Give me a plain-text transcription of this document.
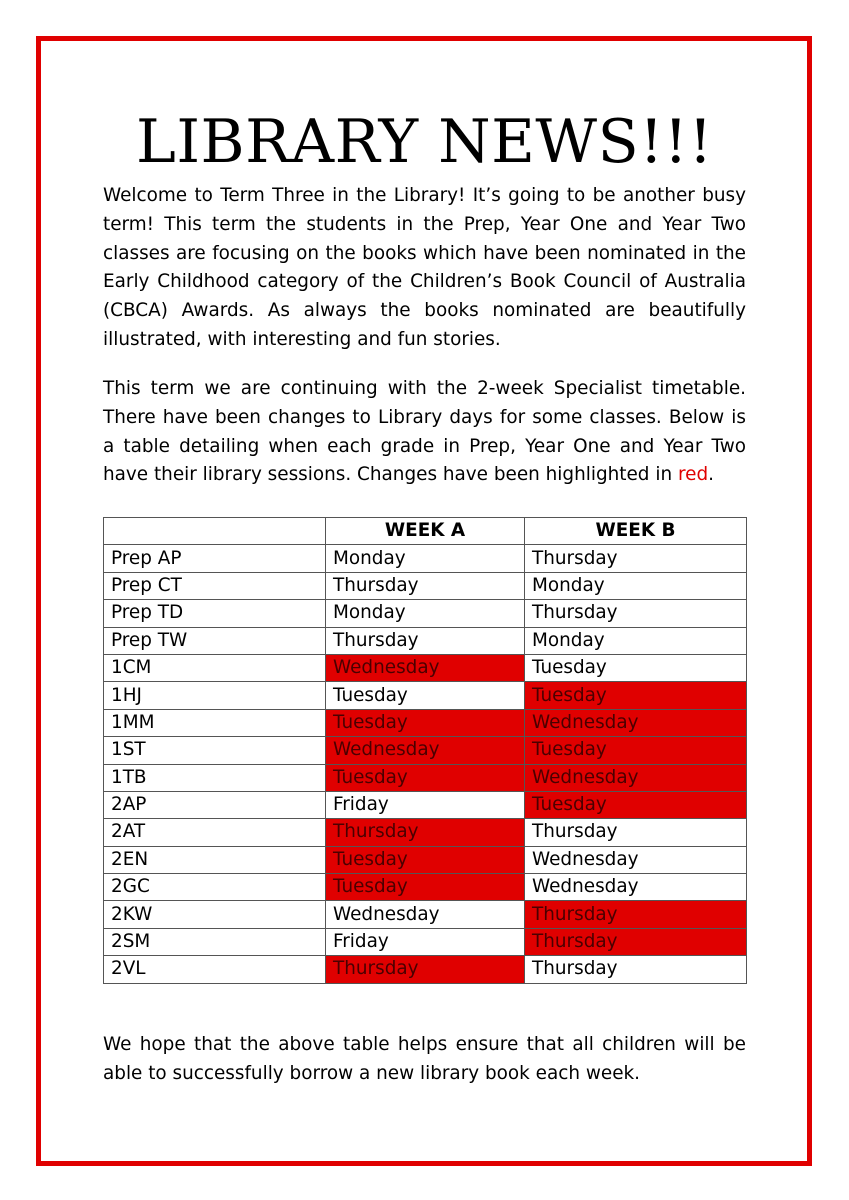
LIBRARY NEWS!!!

Welcome to Term Three in the Library! It’s going to be another busy term! This term the students in the Prep, Year One and Year Two classes are focusing on the books which have been nominated in the Early Childhood category of the Children’s Book Council of Australia (CBCA) Awards. As always the books nominated are beautifully illustrated, with interesting and fun stories.

This term we are continuing with the 2-week Specialist timetable. There have been changes to Library days for some classes. Below is a table detailing when each grade in Prep, Year One and Year Two have their library sessions. Changes have been highlighted in red.

	WEEK A	WEEK B
Prep AP	Monday	Thursday
Prep CT	Thursday	Monday
Prep TD	Monday	Thursday
Prep TW	Thursday	Monday
1CM	Wednesday	Tuesday
1HJ	Tuesday	Tuesday
1MM	Tuesday	Wednesday
1ST	Wednesday	Tuesday
1TB	Tuesday	Wednesday
2AP	Friday	Tuesday
2AT	Thursday	Thursday
2EN	Tuesday	Wednesday
2GC	Tuesday	Wednesday
2KW	Wednesday	Thursday
2SM	Friday	Thursday
2VL	Thursday	Thursday

We hope that the above table helps ensure that all children will be able to successfully borrow a new library book each week.
